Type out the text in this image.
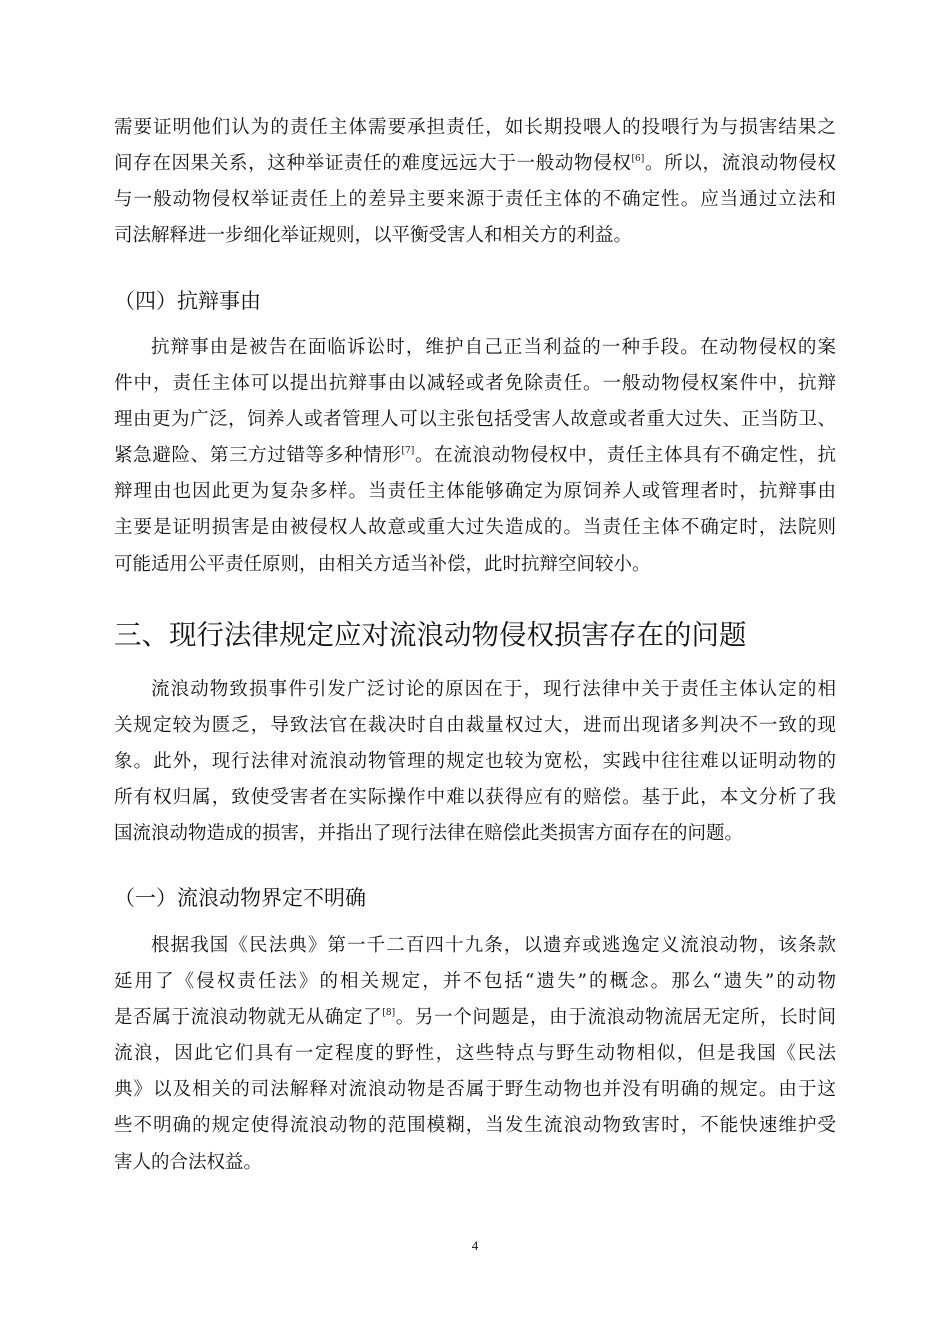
需要证明他们认为的责任主体需要承担责任，如长期投喂人的投喂行为与损害结果之
间存在因果关系，这种举证责任的难度远远大于一般动物侵权[6]。所以，流浪动物侵权
与一般动物侵权举证责任上的差异主要来源于责任主体的不确定性。应当通过立法和
司法解释进一步细化举证规则，以平衡受害人和相关方的利益。

（四）抗辩事由

抗辩事由是被告在面临诉讼时，维护自己正当利益的一种手段。在动物侵权的案
件中，责任主体可以提出抗辩事由以减轻或者免除责任。一般动物侵权案件中，抗辩
理由更为广泛，饲养人或者管理人可以主张包括受害人故意或者重大过失、正当防卫、
紧急避险、第三方过错等多种情形[7]。在流浪动物侵权中，责任主体具有不确定性，抗
辩理由也因此更为复杂多样。当责任主体能够确定为原饲养人或管理者时，抗辩事由
主要是证明损害是由被侵权人故意或重大过失造成的。当责任主体不确定时，法院则
可能适用公平责任原则，由相关方适当补偿，此时抗辩空间较小。

三、现行法律规定应对流浪动物侵权损害存在的问题

流浪动物致损事件引发广泛讨论的原因在于，现行法律中关于责任主体认定的相
关规定较为匮乏，导致法官在裁决时自由裁量权过大，进而出现诸多判决不一致的现
象。此外，现行法律对流浪动物管理的规定也较为宽松，实践中往往难以证明动物的
所有权归属，致使受害者在实际操作中难以获得应有的赔偿。基于此，本文分析了我
国流浪动物造成的损害，并指出了现行法律在赔偿此类损害方面存在的问题。

（一）流浪动物界定不明确

根据我国《民法典》第一千二百四十九条，以遗弃或逃逸定义流浪动物，该条款
延用了《侵权责任法》的相关规定，并不包括“遗失”的概念。那么“遗失”的动物
是否属于流浪动物就无从确定了[8]。另一个问题是，由于流浪动物流居无定所，长时间
流浪，因此它们具有一定程度的野性，这些特点与野生动物相似，但是我国《民法
典》以及相关的司法解释对流浪动物是否属于野生动物也并没有明确的规定。由于这
些不明确的规定使得流浪动物的范围模糊，当发生流浪动物致害时，不能快速维护受
害人的合法权益。

4
